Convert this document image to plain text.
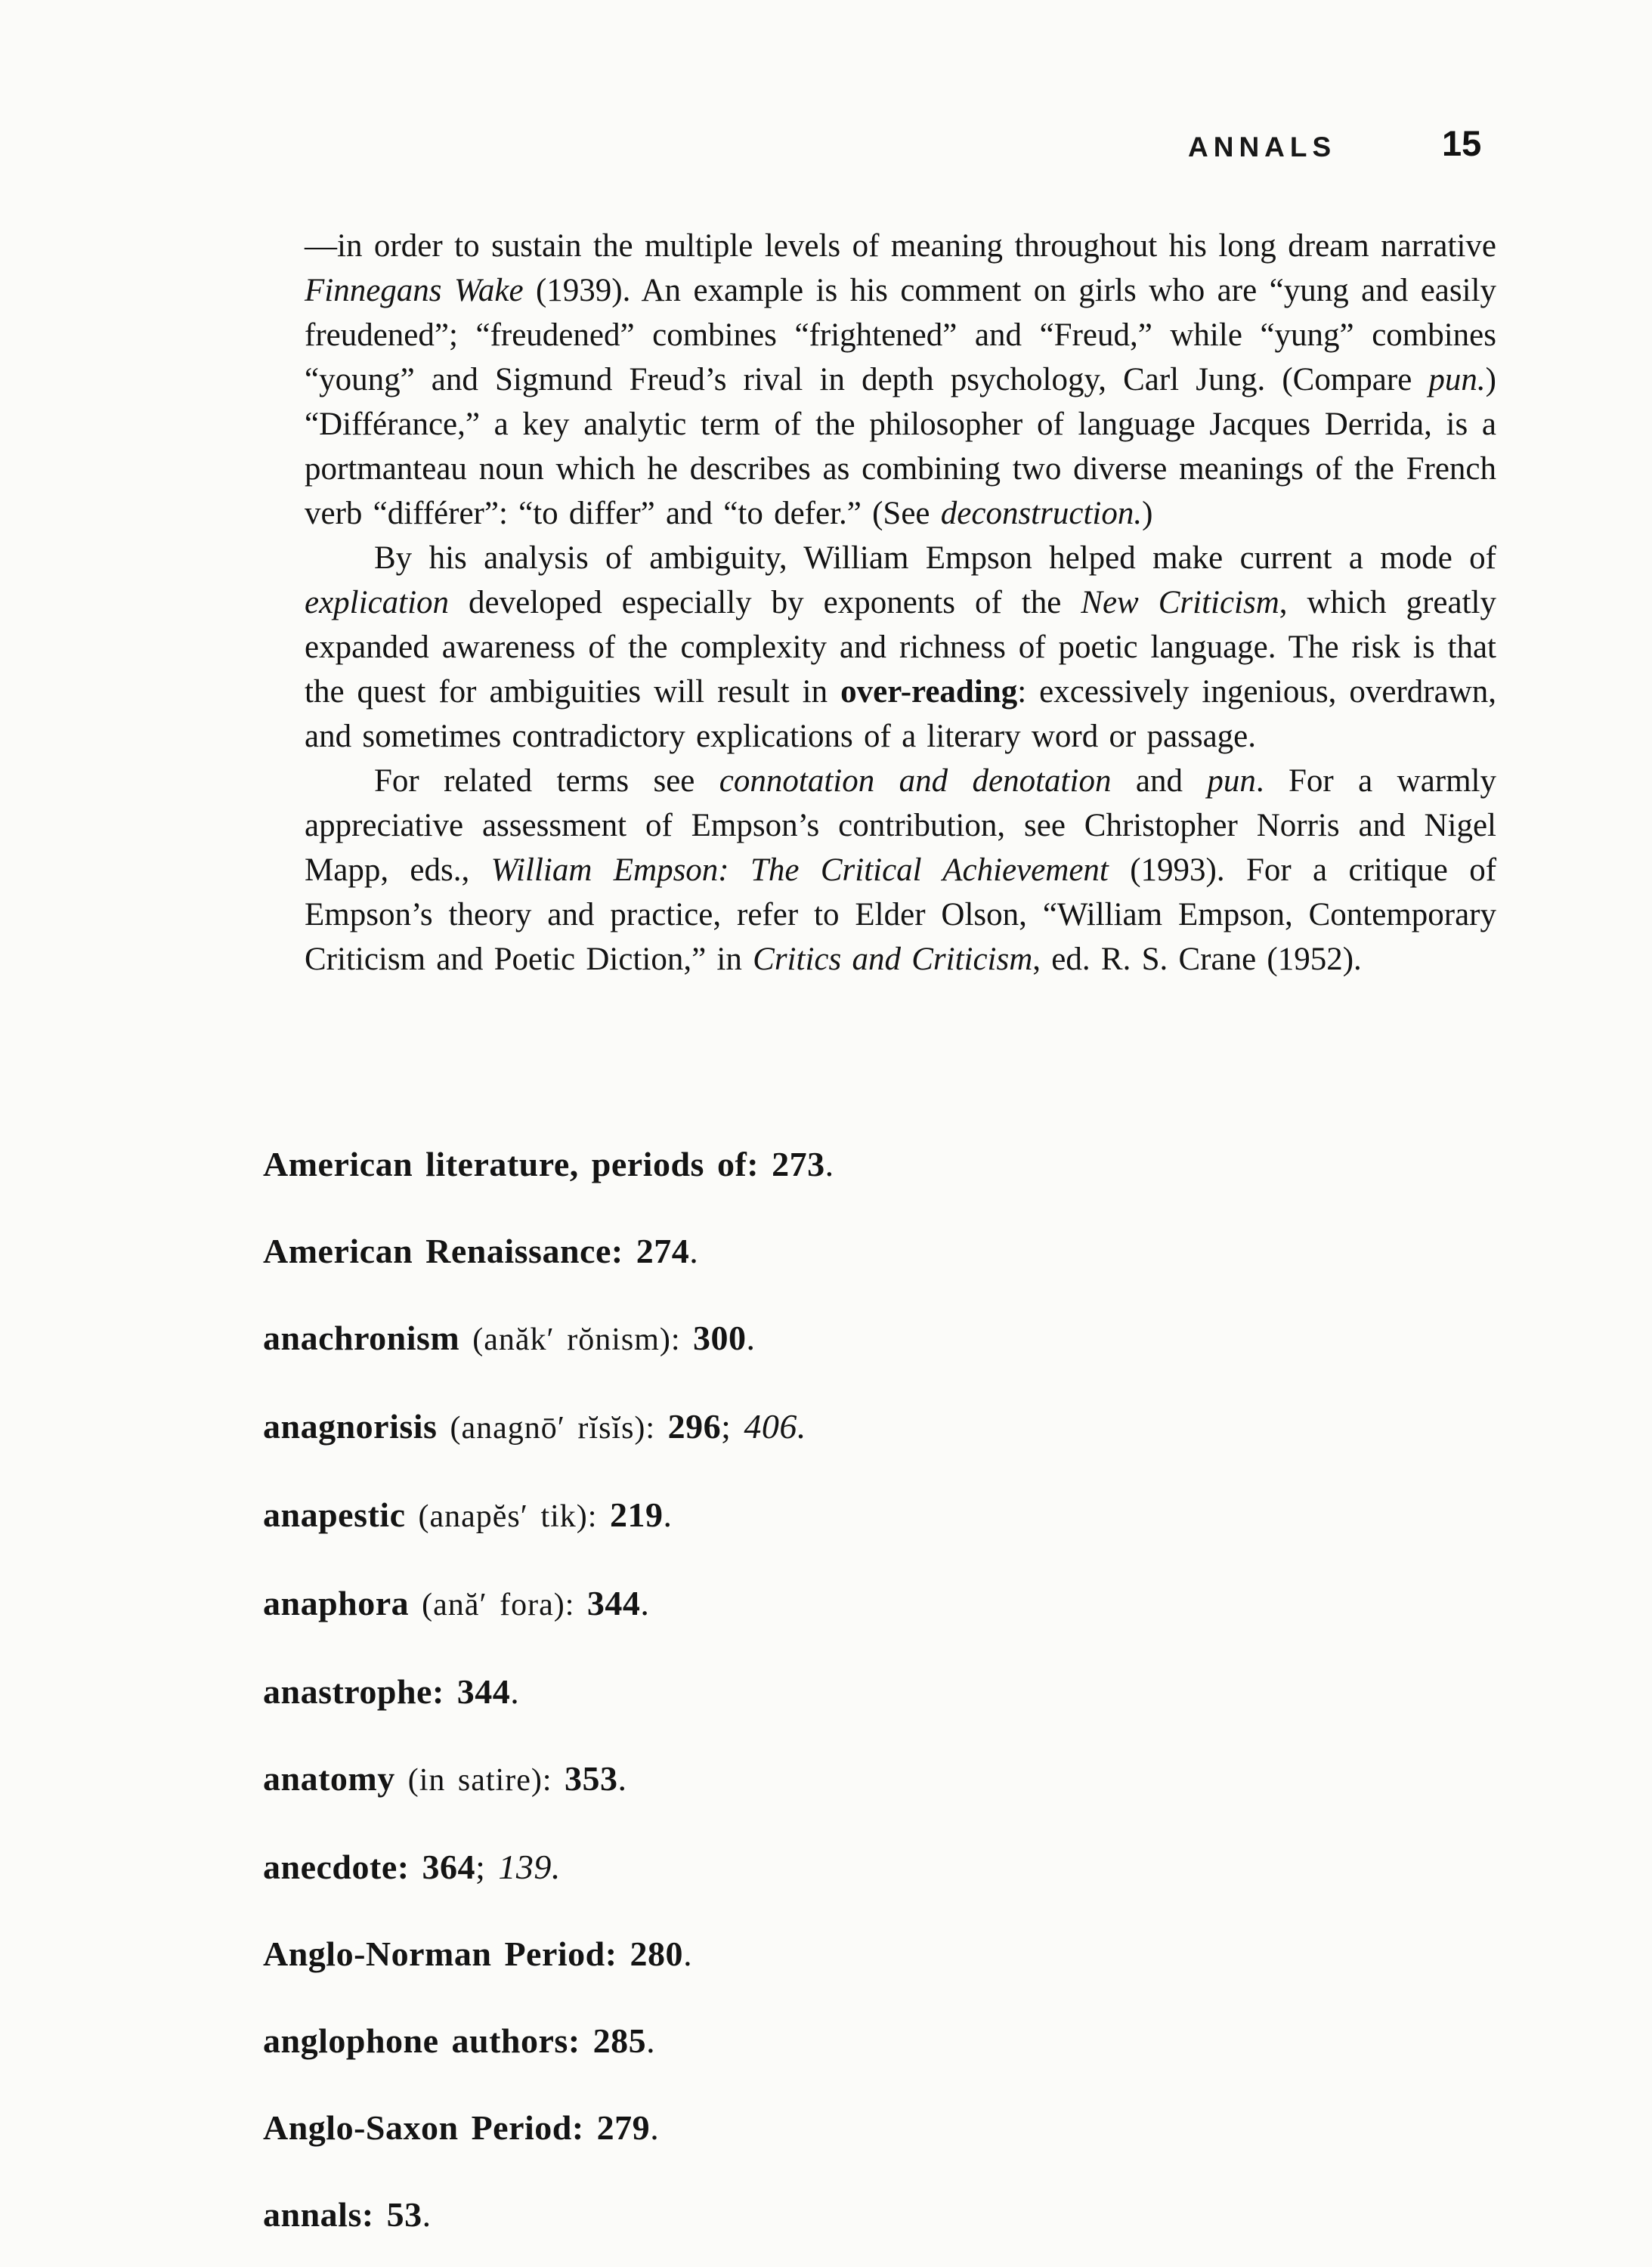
ANNALS	15
—in order to sustain the multiple levels of meaning throughout his long dream narrative Finnegans Wake (1939). An example is his comment on girls who are “yung and easily freudened”; “freudened” combines “frightened” and “Freud,” while “yung” combines “young” and Sigmund Freud’s rival in depth psychology, Carl Jung. (Compare pun.) “Différance,” a key analytic term of the philosopher of language Jacques Derrida, is a portmanteau noun which he describes as combining two diverse meanings of the French verb “différer”: “to differ” and “to defer.” (See deconstruction.)
By his analysis of ambiguity, William Empson helped make current a mode of explication developed especially by exponents of the New Criticism, which greatly expanded awareness of the complexity and richness of poetic language. The risk is that the quest for ambiguities will result in over-reading: excessively ingenious, overdrawn, and sometimes contradictory explications of a literary word or passage.
For related terms see connotation and denotation and pun. For a warmly appreciative assessment of Empson’s contribution, see Christopher Norris and Nigel Mapp, eds., William Empson: The Critical Achievement (1993). For a critique of Empson’s theory and practice, refer to Elder Olson, “William Empson, Contemporary Criticism and Poetic Diction,” in Critics and Criticism, ed. R. S. Crane (1952).
American literature, periods of: 273.
American Renaissance: 274.
anachronism (anăk′ rŏnism): 300.
anagnorisis (anagnō′ rĭsĭs): 296; 406.
anapestic (anapĕs′ tik): 219.
anaphora (ană′ fora): 344.
anastrophe: 344.
anatomy (in satire): 353.
anecdote: 364; 139.
Anglo-Norman Period: 280.
anglophone authors: 285.
Anglo-Saxon Period: 279.
annals: 53.
